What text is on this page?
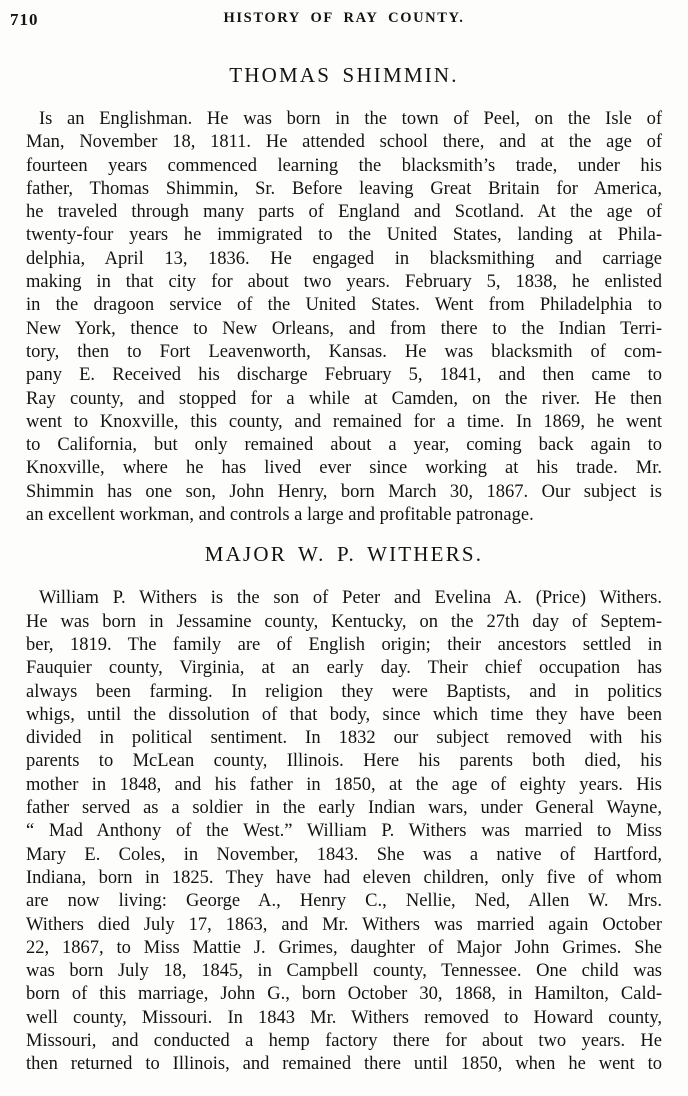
710	HISTORY OF RAY COUNTY.
THOMAS SHIMMIN.
Is an Englishman. He was born in the town of Peel, on the Isle of
Man, November 18, 1811. He attended school there, and at the age of
fourteen years commenced learning the blacksmith’s trade, under his
father, Thomas Shimmin, Sr. Before leaving Great Britain for America,
he traveled through many parts of England and Scotland. At the age of
twenty-four years he immigrated to the United States, landing at Phila-
delphia, April 13, 1836. He engaged in blacksmithing and carriage
making in that city for about two years. February 5, 1838, he enlisted
in the dragoon service of the United States. Went from Philadelphia to
New York, thence to New Orleans, and from there to the Indian Terri-
tory, then to Fort Leavenworth, Kansas. He was blacksmith of com-
pany E. Received his discharge February 5, 1841, and then came to
Ray county, and stopped for a while at Camden, on the river. He then
went to Knoxville, this county, and remained for a time. In 1869, he went
to California, but only remained about a year, coming back again to
Knoxville, where he has lived ever since working at his trade. Mr.
Shimmin has one son, John Henry, born March 30, 1867. Our subject is
an excellent workman, and controls a large and profitable patronage.
MAJOR W. P. WITHERS.
William P. Withers is the son of Peter and Evelina A. (Price) Withers.
He was born in Jessamine county, Kentucky, on the 27th day of Septem-
ber, 1819. The family are of English origin; their ancestors settled in
Fauquier county, Virginia, at an early day. Their chief occupation has
always been farming. In religion they were Baptists, and in politics
whigs, until the dissolution of that body, since which time they have been
divided in political sentiment. In 1832 our subject removed with his
parents to McLean county, Illinois. Here his parents both died, his
mother in 1848, and his father in 1850, at the age of eighty years. His
father served as a soldier in the early Indian wars, under General Wayne,
“ Mad Anthony of the West.” William P. Withers was married to Miss
Mary E. Coles, in November, 1843. She was a native of Hartford,
Indiana, born in 1825. They have had eleven children, only five of whom
are now living: George A., Henry C., Nellie, Ned, Allen W. Mrs.
Withers died July 17, 1863, and Mr. Withers was married again October
22, 1867, to Miss Mattie J. Grimes, daughter of Major John Grimes. She
was born July 18, 1845, in Campbell county, Tennessee. One child was
born of this marriage, John G., born October 30, 1868, in Hamilton, Cald-
well county, Missouri. In 1843 Mr. Withers removed to Howard county,
Missouri, and conducted a hemp factory there for about two years. He
then returned to Illinois, and remained there until 1850, when he went to
